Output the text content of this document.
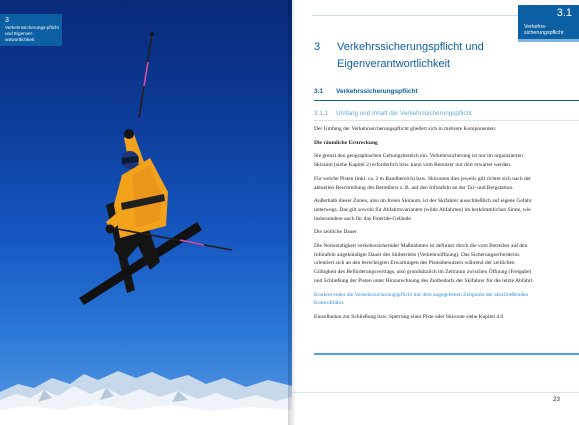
3
Verkehrssicherungs-pflicht und Eigenver-antwortlichkeit
3.1
Verkehrs-sicherungspflicht
3 Verkehrssicherungspflicht und Eigenverantwortlichkeit
3.1 Verkehrssicherungspflicht
3.1.1 Umfang und Inhalt der Verkehrssicherungspflicht

Der Umfang der Verkehrssicherungspflicht gliedert sich in mehrere Komponenten:

Die räumliche Erstreckung

Sie grenzt den geographischen Geltungsbereich ein. Verkehrssicherung ist nur im organisierten Skiraum (siehe Kapitel 2) erforderlich bzw. kann vom Benutzer nur dort erwartet werden.

Für welche Pisten (inkl. ca. 2 m Randbereich) bzw. Skirouten dies jeweils gilt richtet sich nach der aktuellen Beschreibung des Betreibers z. B. auf den Infotafeln an der Tal- und Bergstation.

Außerhalb dieser Zonen, also im freien Skiraum, ist der Skifahrer ausschließlich auf eigene Gefahr unterwegs. Das gilt sowohl für Abfahrtsvarianten (wilde Abfahrten) im herkömmlichen Sinne, wie insbesondere auch für das Freeride-Gelände.

Die zeitliche Dauer

Die Notwendigkeit verkehrssichernder Maßnahmen ist definiert durch die vom Betreiber auf den Infotafeln angekündigte Dauer des Skibetriebs (Verkehrsöffnung). Das Sicherungserfordernis orientiert sich an den berechtigten Erwartungen des Pistenbenutzers während der zeitlichen Gültigkeit des Beförderungsvertrags, also grundsätzlich im Zeitraum zwischen Öffnung (Freigabe) und Schließung der Pisten unter Hinzurechnung des Zeitbedarfs der Skifahrer für die letzte Abfahrt.

Konkret endet die Verkehrssicherungspflicht mit dem angegebenen Zeitpunkt der abschließenden Kontrollfahrt.

Einzelheiten zur Schließung bzw. Sperrung einer Piste oder Skiroute siehe Kapitel 4.6

23
